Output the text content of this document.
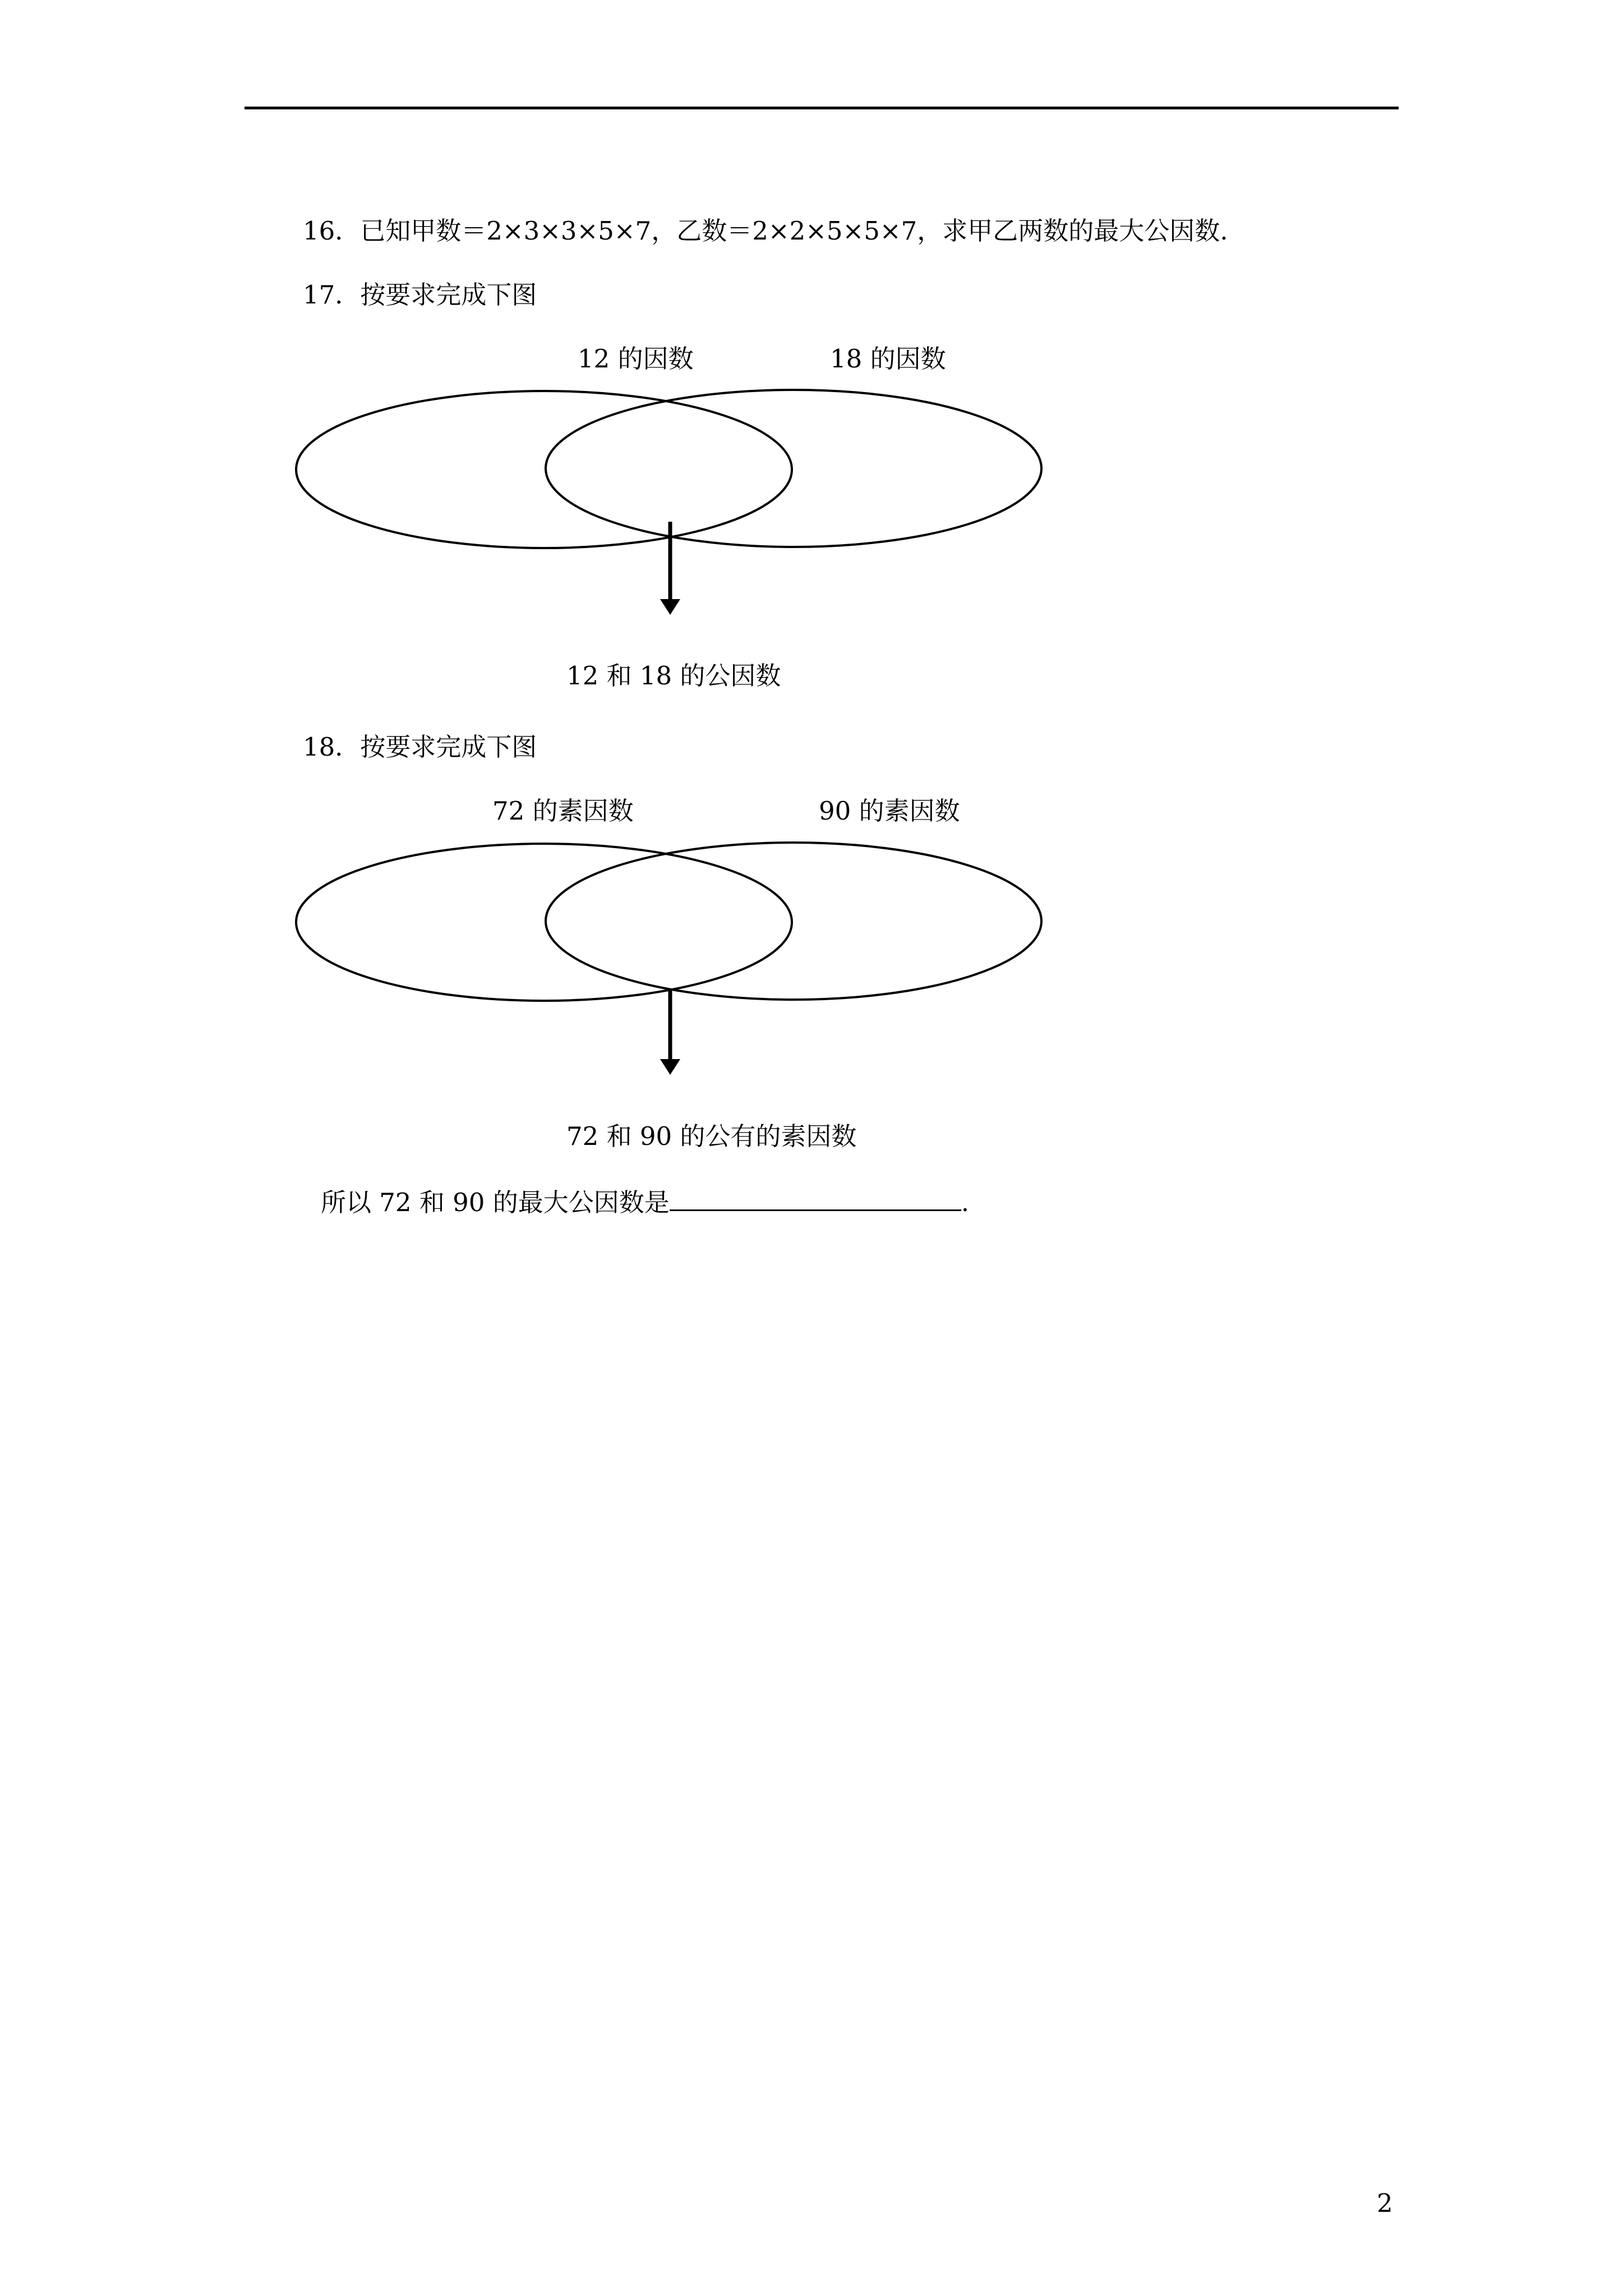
16．已知甲数＝2×3×3×5×7，乙数＝2×2×5×5×7，求甲乙两数的最大公因数.
17．按要求完成下图
12 的因数	18 的因数
12 和 18 的公因数
18．按要求完成下图
72 的素因数	90 的素因数
72 和 90 的公有的素因数
所以 72 和 90 的最大公因数是	.
2
